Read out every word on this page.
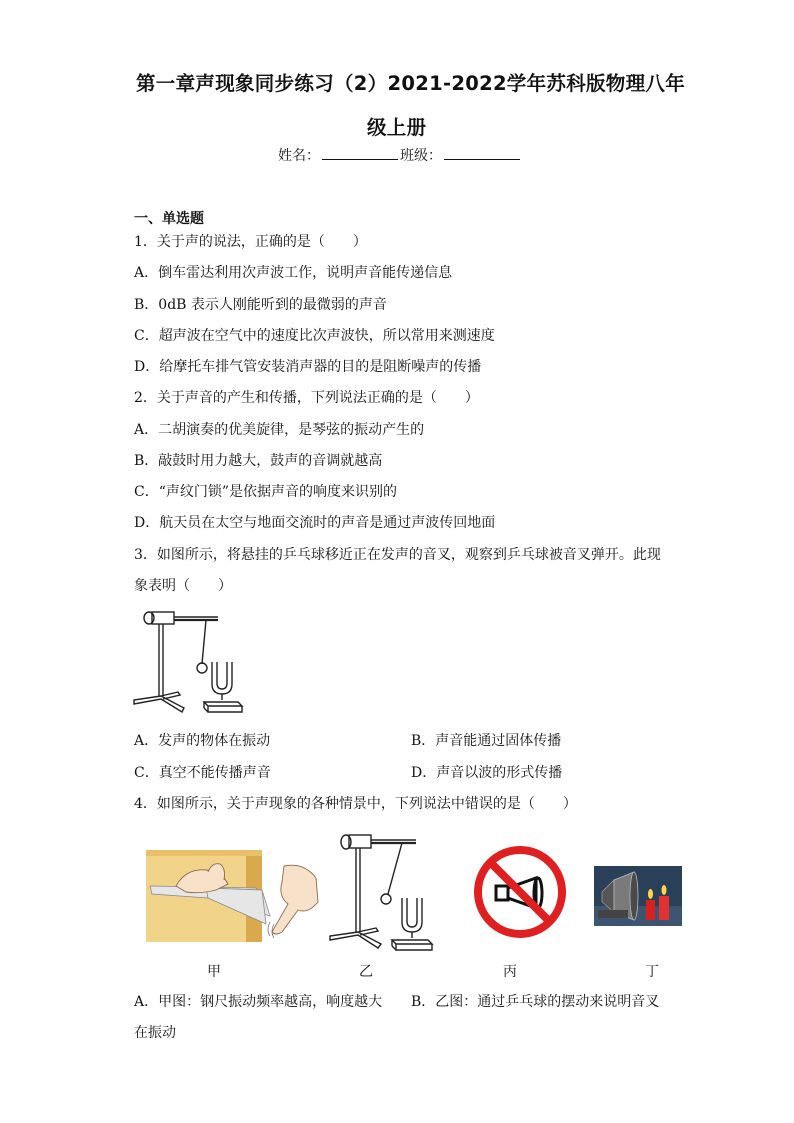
第一章声现象同步练习（2）2021-2022学年苏科版物理八年
级上册
姓名：	班级：
一、单选题
1．关于声的说法，正确的是（　　）
A．倒车雷达利用次声波工作，说明声音能传递信息
B．0dB 表示人刚能听到的最微弱的声音
C．超声波在空气中的速度比次声波快，所以常用来测速度
D．给摩托车排气管安装消声器的目的是阻断噪声的传播
2．关于声音的产生和传播，下列说法正确的是（　　）
A．二胡演奏的优美旋律，是琴弦的振动产生的
B．敲鼓时用力越大，鼓声的音调就越高
C．“声纹门锁”是依据声音的响度来识别的
D．航天员在太空与地面交流时的声音是通过声波传回地面
3．如图所示，将悬挂的乒乓球移近正在发声的音叉，观察到乒乓球被音叉弹开。此现
象表明（　　）
A．发声的物体在振动	B．声音能通过固体传播
C．真空不能传播声音	D．声音以波的形式传播
4．如图所示，关于声现象的各种情景中，下列说法中错误的是（　　）
甲	乙	丙	丁
A．甲图：钢尺振动频率越高，响度越大 B．乙图：通过乒乓球的摆动来说明音叉
在振动
